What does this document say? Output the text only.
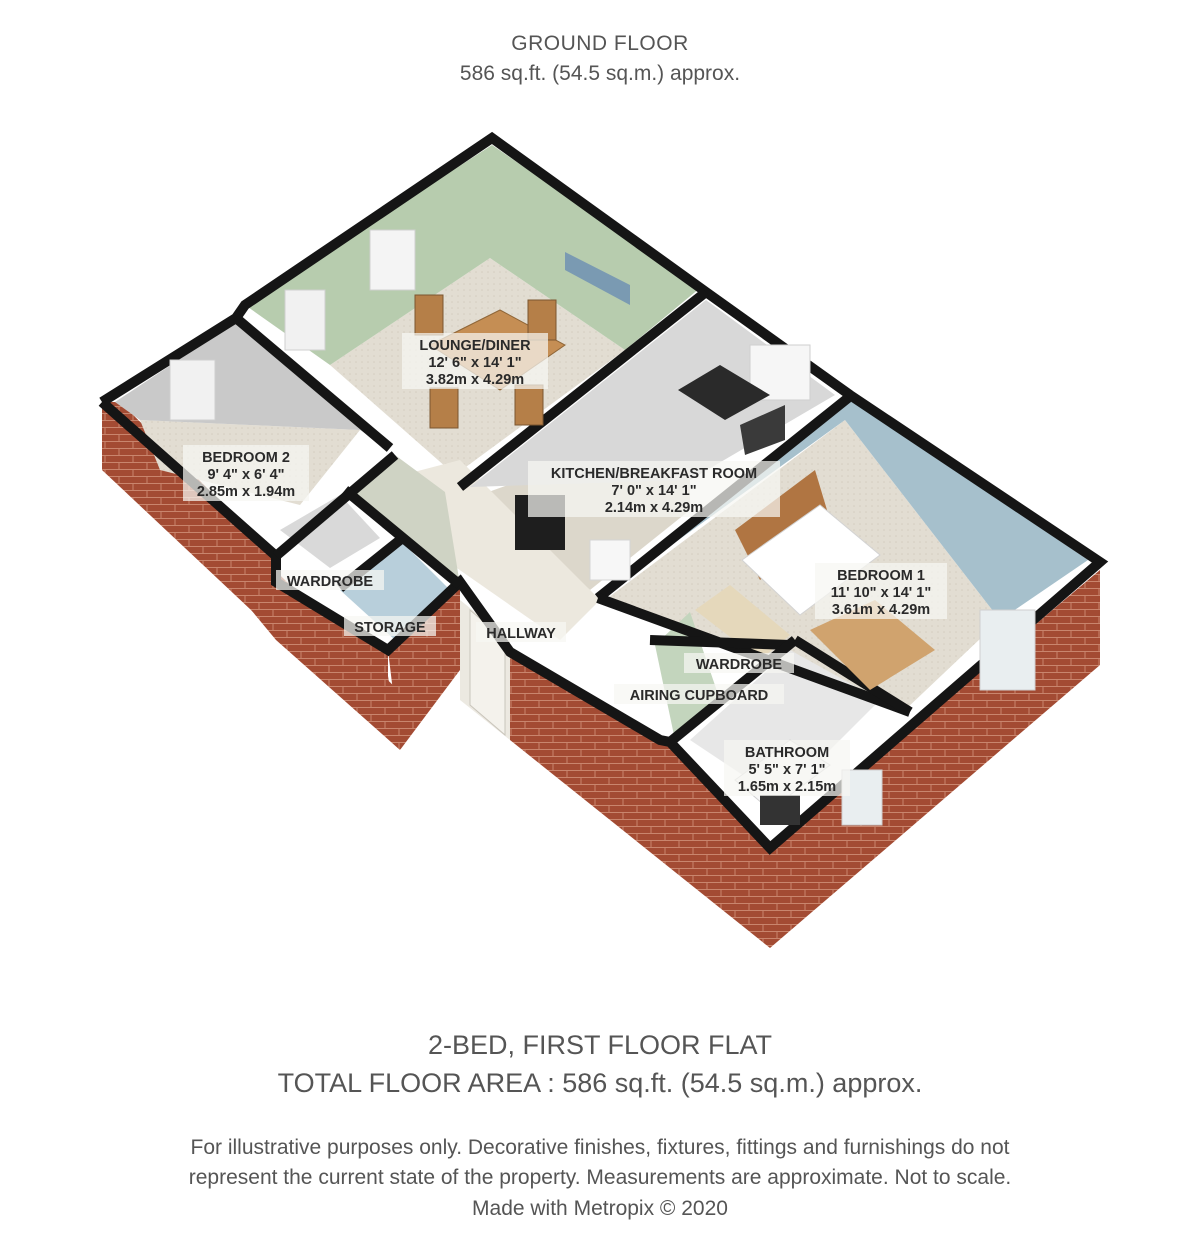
GROUND FLOOR
586 sq.ft. (54.5 sq.m.) approx.
LOUNGE/DINER
12' 6" x 14' 1"
3.82m x 4.29m
KITCHEN/BREAKFAST ROOM
7' 0" x 14' 1"
2.14m x 4.29m
BEDROOM 1
11' 10" x 14' 1"
3.61m x 4.29m
BEDROOM 2
9' 4" x 6' 4"
2.85m x 1.94m
BATHROOM
5' 5" x 7' 1"
1.65m x 2.15m
WARDROBE
STORAGE	HALLWAY
WARDROBE
AIRING CUPBOARD
2-BED, FIRST FLOOR FLAT
TOTAL FLOOR AREA : 586 sq.ft. (54.5 sq.m.) approx.
For illustrative purposes only. Decorative finishes, fixtures, fittings and furnishings do not
represent the current state of the property. Measurements are approximate. Not to scale.
Made with Metropix © 2020
